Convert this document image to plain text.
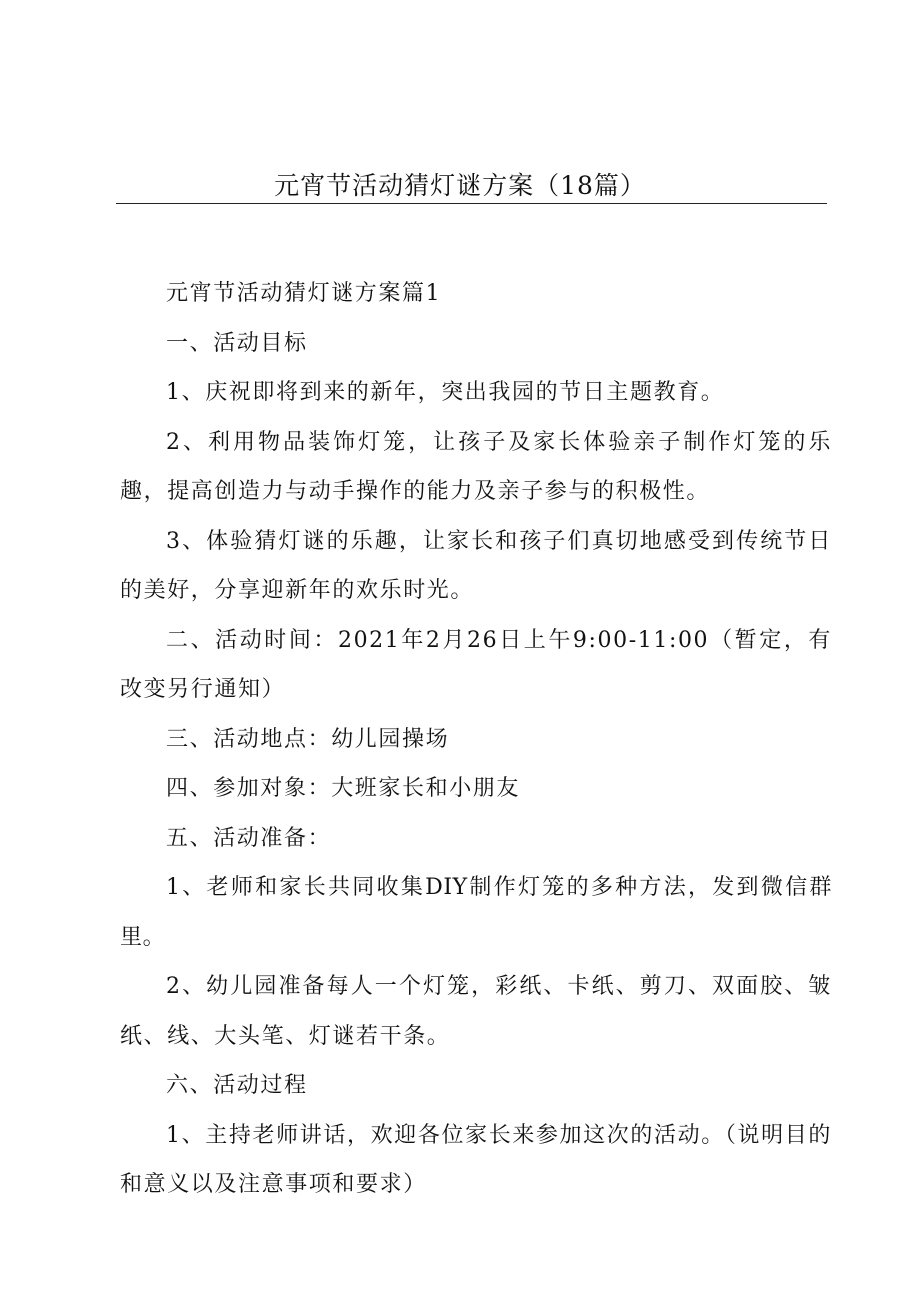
元宵节活动猜灯谜方案（18篇）

元宵节活动猜灯谜方案篇1

一、活动目标

1、庆祝即将到来的新年，突出我园的节日主题教育。

2、利用物品装饰灯笼，让孩子及家长体验亲子制作灯笼的乐趣，提高创造力与动手操作的能力及亲子参与的积极性。

3、体验猜灯谜的乐趣，让家长和孩子们真切地感受到传统节日的美好，分享迎新年的欢乐时光。

二、活动时间：2021年2月26日上午9:00-11:00（暂定，有改变另行通知）

三、活动地点：幼儿园操场

四、参加对象：大班家长和小朋友

五、活动准备：

1、老师和家长共同收集DIY制作灯笼的多种方法，发到微信群里。

2、幼儿园准备每人一个灯笼，彩纸、卡纸、剪刀、双面胶、皱纸、线、大头笔、灯谜若干条。

六、活动过程

1、主持老师讲话，欢迎各位家长来参加这次的活动。（说明目的和意义以及注意事项和要求）
